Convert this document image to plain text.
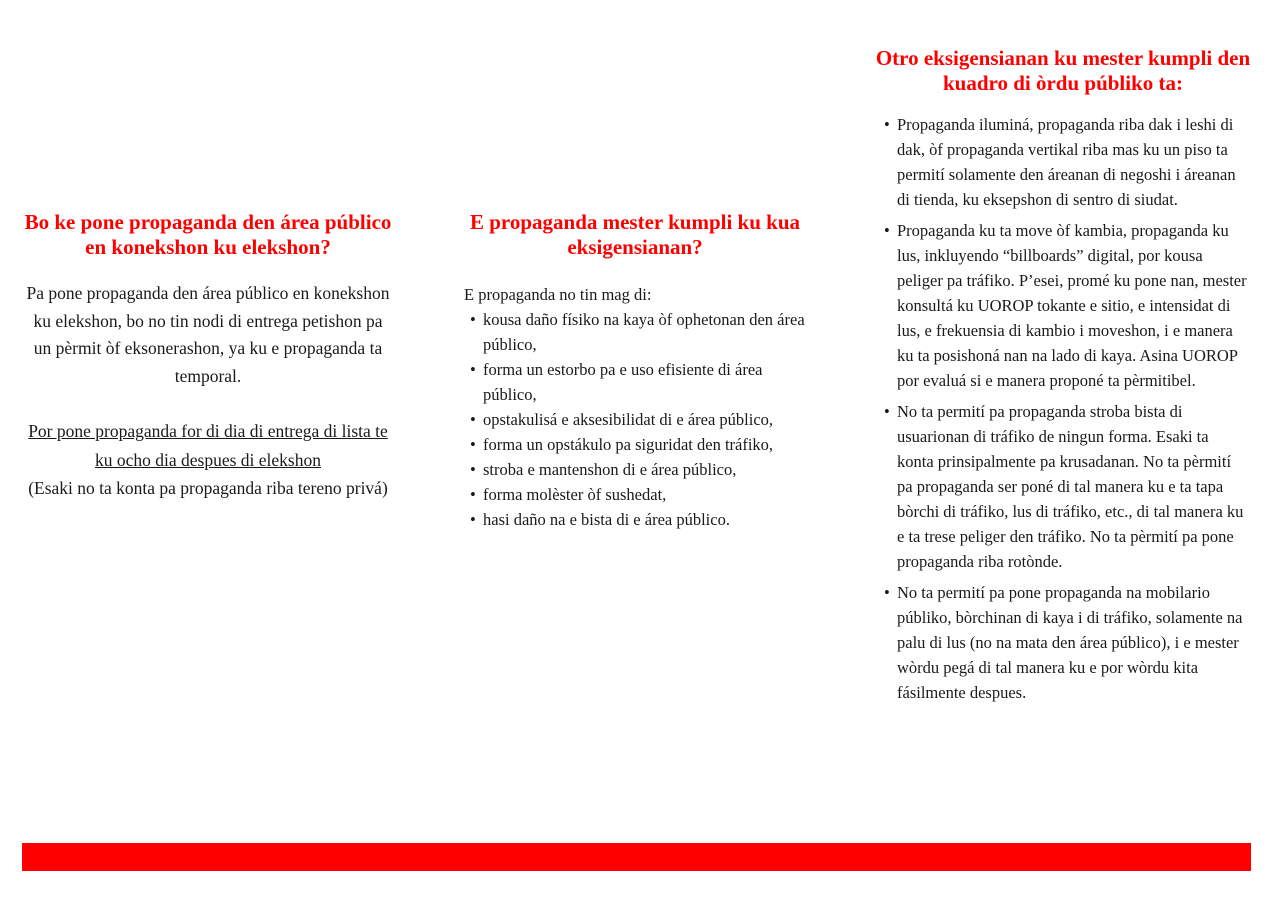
Bo ke pone propaganda den área público en konekshon ku elekshon?

Pa pone propaganda den área público en konekshon ku elekshon, bo no tin nodi di entrega petishon pa un pèrmit òf eksonerashon, ya ku e propaganda ta temporal.

Por pone propaganda for di dia di entrega di lista te ku ocho dia despues di elekshon
(Esaki no ta konta pa propaganda riba tereno privá)

E propaganda mester kumpli ku kua eksigensianan?
E propaganda no tin mag di:
• kousa daño físiko na kaya òf ophetonan den área público,
• forma un estorbo pa e uso efisiente di área público,
• opstakulisá e aksesibilidat di e área público,
• forma un opstákulo pa siguridat den tráfiko,
• stroba e mantenshon di e área público,
• forma molèster òf sushedat,
• hasi daño na e bista di e área público.
Otro eksigensianan ku mester kumpli den kuadro di òrdu públiko ta:
• Propaganda iluminá, propaganda riba dak i leshi di dak, òf propaganda vertikal riba mas ku un piso ta permití solamente den áreanan di negoshi i áreanan di tienda, ku eksepshon di sentro di siudat.
• Propaganda ku ta move òf kambia, propaganda ku lus, inkluyendo “billboards” digital, por kousa peliger pa tráfiko. P’esei, promé ku pone nan, mester konsultá ku UOROP tokante e sitio, e intensidat di lus, e frekuensia di kambio i moveshon, i e manera ku ta posishoná nan na lado di kaya. Asina UOROP por evaluá si e manera proponé ta pèrmitibel.
• No ta permití pa propaganda stroba bista di usuarionan di tráfiko de ningun forma. Esaki ta konta prinsipalmente pa krusadanan. No ta pèrmití pa propaganda ser poné di tal manera ku e ta tapa bòrchi di tráfiko, lus di tráfiko, etc., di tal manera ku e ta trese peliger den tráfiko. No ta pèrmití pa pone propaganda riba rotònde.
• No ta permití pa pone propaganda na mobilario públiko, bòrchinan di kaya i di tráfiko, solamente na palu di lus (no na mata den área público), i e mester wòrdu pegá di tal manera ku e por wòrdu kita fásilmente despues.
